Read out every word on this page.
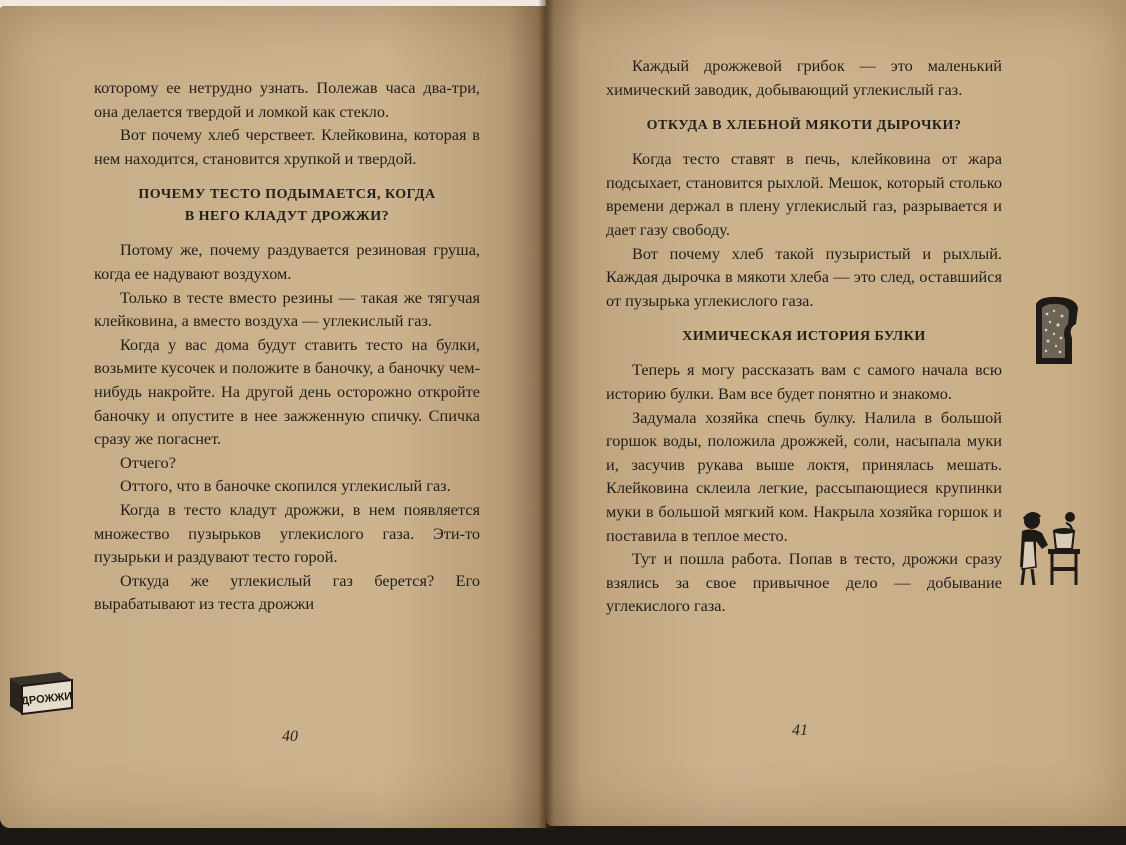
которому ее нетрудно узнать. Полежав часа два-три, она делается твердой и ломкой как стекло.

Вот почему хлеб черствеет. Клейковина, которая в нем находится, становится хрупкой и твердой.

ПОЧЕМУ ТЕСТО ПОДЫМАЕТСЯ, КОГДА
В НЕГО КЛАДУТ ДРОЖЖИ?

Потому же, почему раздувается резиновая груша, когда ее надувают воздухом.

Только в тесте вместо резины — такая же тягучая клейковина, а вместо воздуха — углекислый газ.

Когда у вас дома будут ставить тесто на булки, возьмите кусочек и положите в баночку, а баночку чем-нибудь накройте. На другой день осторожно откройте баночку и опустите в нее зажженную спичку. Спичка сразу же погаснет.

Отчего?

Оттого, что в баночке скопился углекислый газ.

Когда в тесто кладут дрожжи, в нем появляется множество пузырьков углекислого газа. Эти-то пузырьки и раздувают тесто горой.

Откуда же углекислый газ берется? Его вырабатывают из теста дрожжи

40
ДРОЖЖИ

Каждый дрожжевой грибок — это маленький химический заводик, добывающий углекислый газ.

ОТКУДА В ХЛЕБНОЙ МЯКОТИ ДЫРОЧКИ?

Когда тесто ставят в печь, клейковина от жара подсыхает, становится рыхлой. Мешок, который столько времени держал в плену углекислый газ, разрывается и дает газу свободу.

Вот почему хлеб такой пузыристый и рыхлый. Каждая дырочка в мякоти хлеба — это след, оставшийся от пузырька углекислого газа.

ХИМИЧЕСКАЯ ИСТОРИЯ БУЛКИ

Теперь я могу рассказать вам с самого начала всю историю булки. Вам все будет понятно и знакомо.

Задумала хозяйка спечь булку. Налила в большой горшок воды, положила дрожжей, соли, насыпала муки и, засучив рукава выше локтя, принялась мешать. Клейковина склеила легкие, рассыпающиеся крупинки муки в большой мягкий ком. Накрыла хозяйка горшок и поставила в теплое место.

Тут и пошла работа. Попав в тесто, дрожжи сразу взялись за свое привычное дело — добывание углекислого газа.

41
